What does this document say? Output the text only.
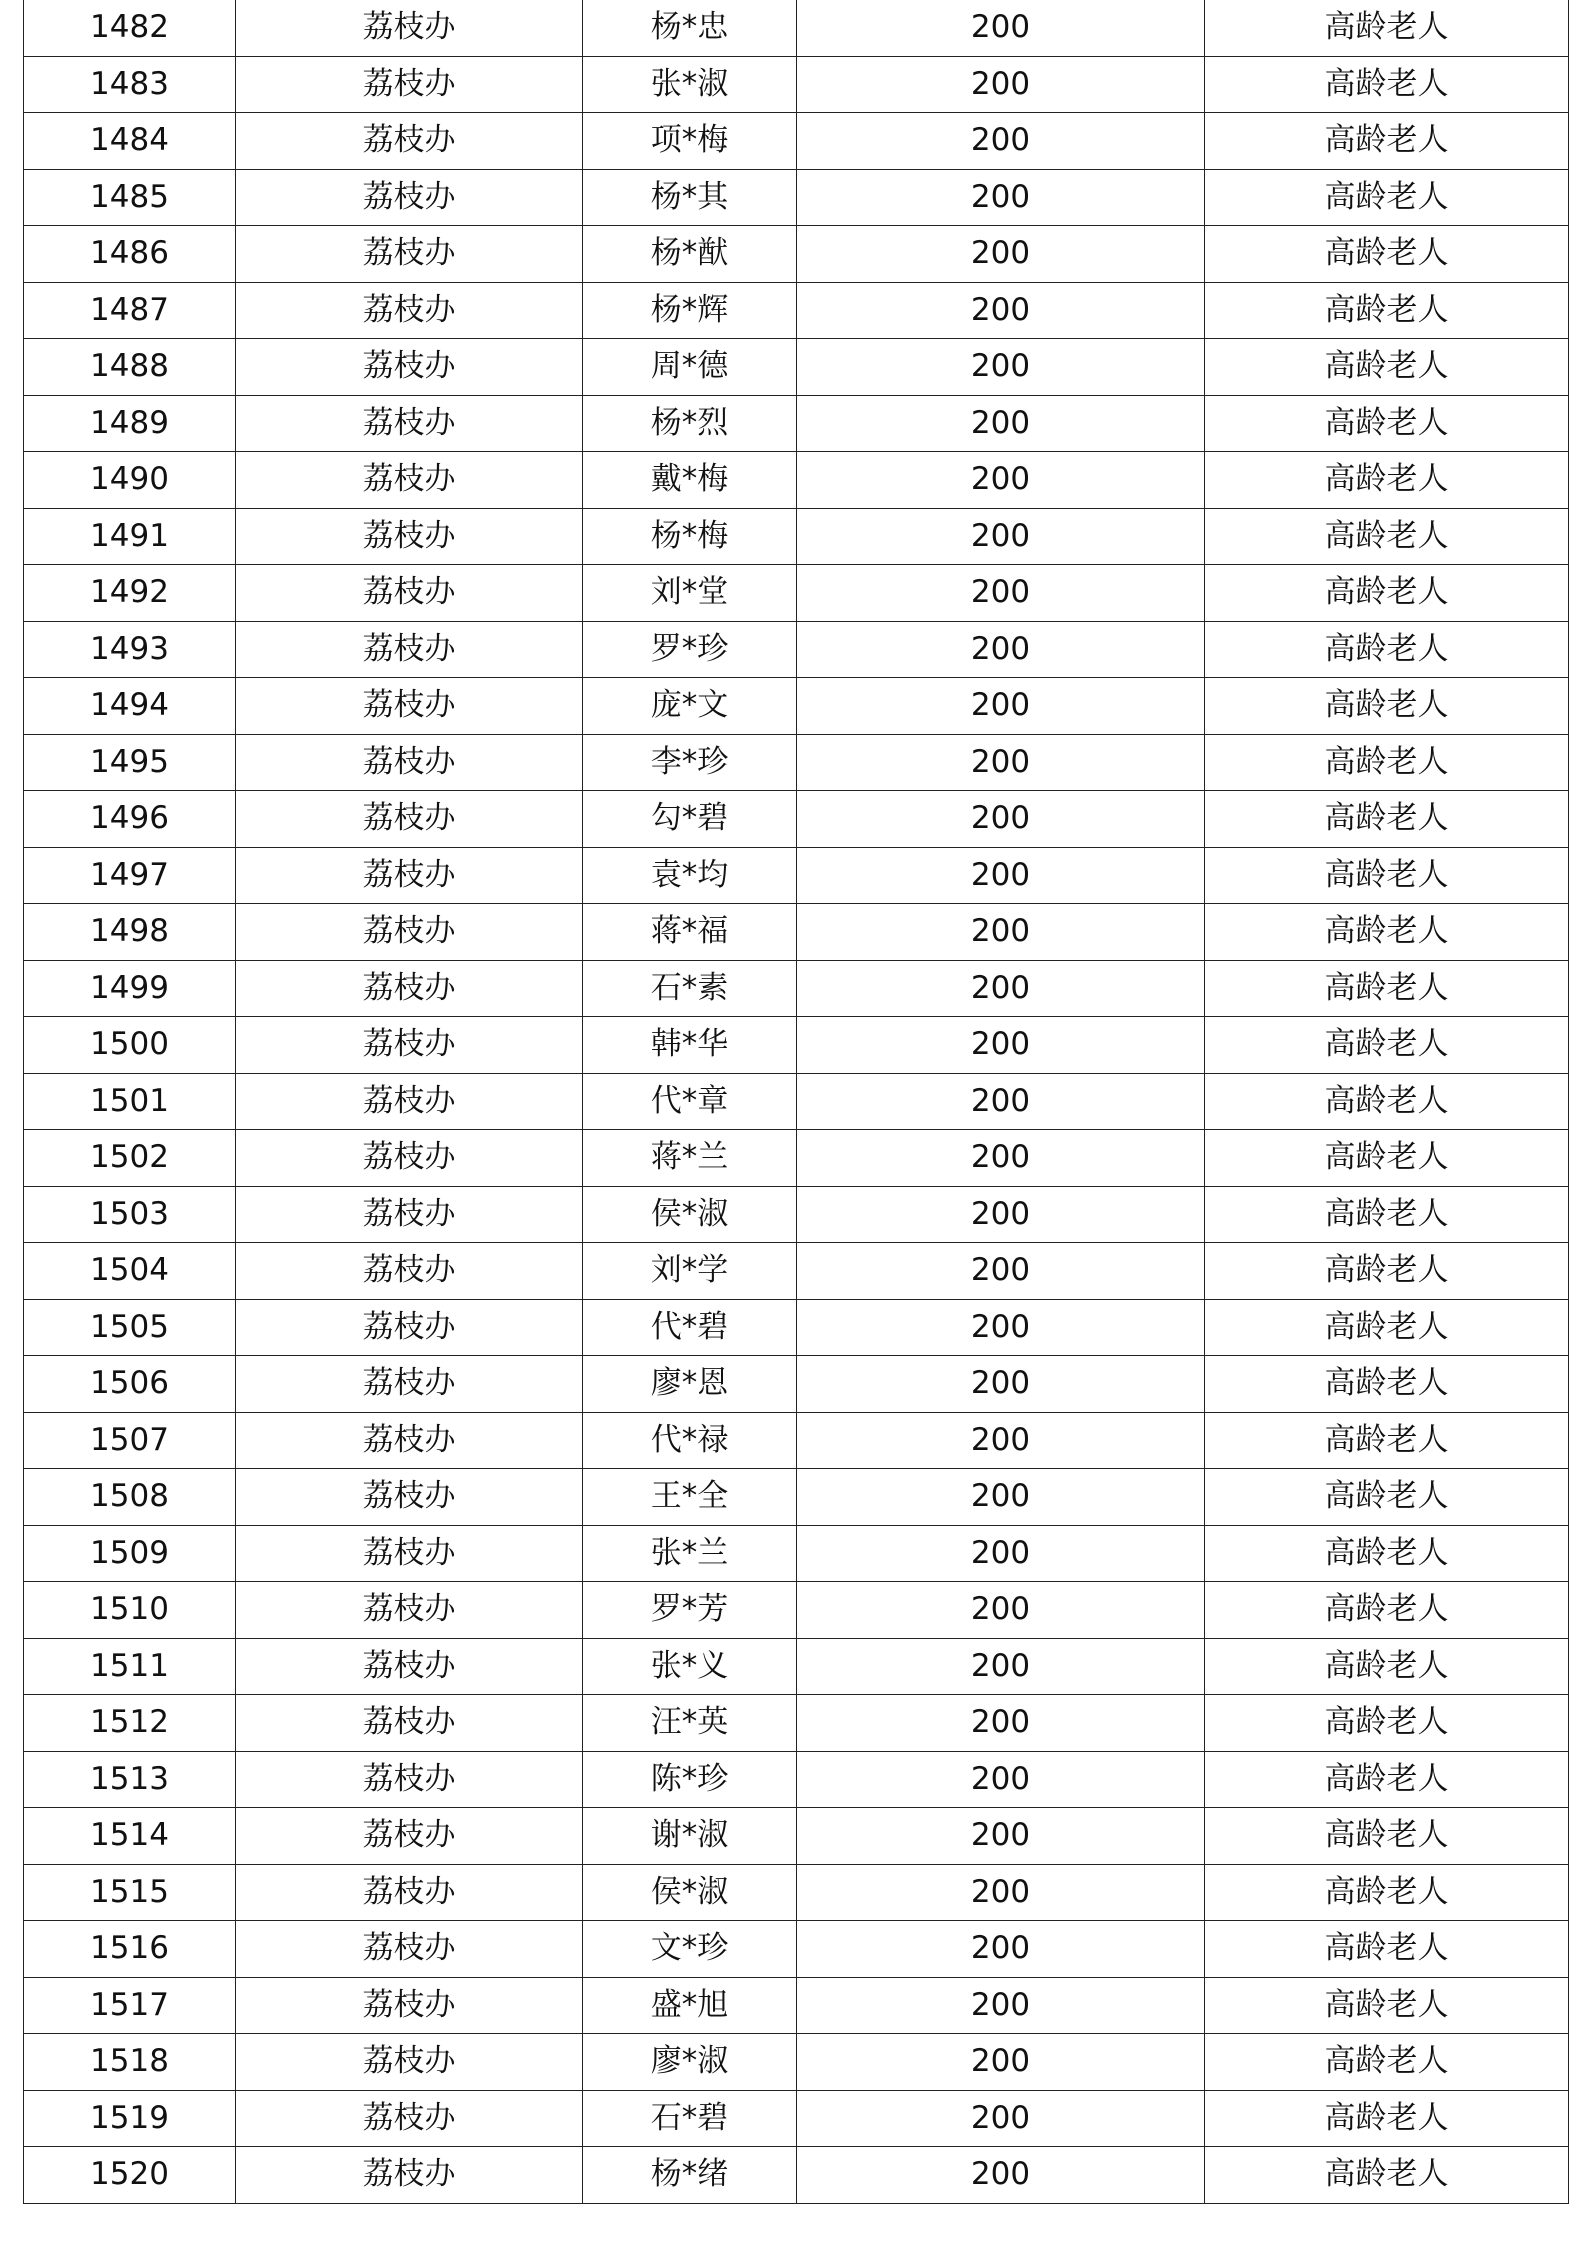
1482	荔枝办	杨*忠	200	高龄老人
1483	荔枝办	张*淑	200	高龄老人
1484	荔枝办	项*梅	200	高龄老人
1485	荔枝办	杨*其	200	高龄老人
1486	荔枝办	杨*猷	200	高龄老人
1487	荔枝办	杨*辉	200	高龄老人
1488	荔枝办	周*德	200	高龄老人
1489	荔枝办	杨*烈	200	高龄老人
1490	荔枝办	戴*梅	200	高龄老人
1491	荔枝办	杨*梅	200	高龄老人
1492	荔枝办	刘*堂	200	高龄老人
1493	荔枝办	罗*珍	200	高龄老人
1494	荔枝办	庞*文	200	高龄老人
1495	荔枝办	李*珍	200	高龄老人
1496	荔枝办	勾*碧	200	高龄老人
1497	荔枝办	袁*均	200	高龄老人
1498	荔枝办	蒋*福	200	高龄老人
1499	荔枝办	石*素	200	高龄老人
1500	荔枝办	韩*华	200	高龄老人
1501	荔枝办	代*章	200	高龄老人
1502	荔枝办	蒋*兰	200	高龄老人
1503	荔枝办	侯*淑	200	高龄老人
1504	荔枝办	刘*学	200	高龄老人
1505	荔枝办	代*碧	200	高龄老人
1506	荔枝办	廖*恩	200	高龄老人
1507	荔枝办	代*禄	200	高龄老人
1508	荔枝办	王*全	200	高龄老人
1509	荔枝办	张*兰	200	高龄老人
1510	荔枝办	罗*芳	200	高龄老人
1511	荔枝办	张*义	200	高龄老人
1512	荔枝办	汪*英	200	高龄老人
1513	荔枝办	陈*珍	200	高龄老人
1514	荔枝办	谢*淑	200	高龄老人
1515	荔枝办	侯*淑	200	高龄老人
1516	荔枝办	文*珍	200	高龄老人
1517	荔枝办	盛*旭	200	高龄老人
1518	荔枝办	廖*淑	200	高龄老人
1519	荔枝办	石*碧	200	高龄老人
1520	荔枝办	杨*绪	200	高龄老人
